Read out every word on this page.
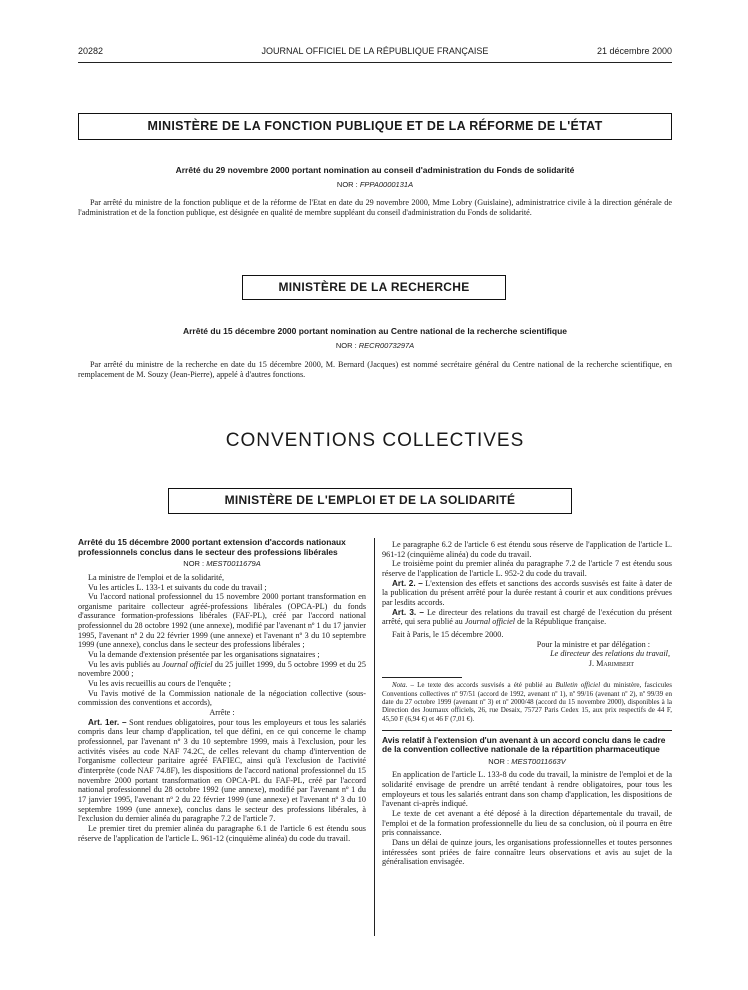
20282	JOURNAL OFFICIEL DE LA RÉPUBLIQUE FRANÇAISE	21 décembre 2000
MINISTÈRE DE LA FONCTION PUBLIQUE ET DE LA RÉFORME DE L'ÉTAT
Arrêté du 29 novembre 2000 portant nomination au conseil d'administration du Fonds de solidarité
NOR : FPPA0000131A

Par arrêté du ministre de la fonction publique et de la réforme de l'Etat en date du 29 novembre 2000, Mme Lobry (Guislaine), administratrice civile à la direction générale de l'administration et de la fonction publique, est désignée en qualité de membre suppléant du conseil d'administration du Fonds de solidarité.

MINISTÈRE DE LA RECHERCHE
Arrêté du 15 décembre 2000 portant nomination au Centre national de la recherche scientifique
NOR : RECR0073297A

Par arrêté du ministre de la recherche en date du 15 décembre 2000, M. Bernard (Jacques) est nommé secrétaire général du Centre national de la recherche scientifique, en remplacement de M. Souzy (Jean-Pierre), appelé à d'autres fonctions.

CONVENTIONS COLLECTIVES
MINISTÈRE DE L'EMPLOI ET DE LA SOLIDARITÉ

Arrêté du 15 décembre 2000 portant extension d'accords nationaux professionnels conclus dans le secteur des professions libérales

NOR : MEST0011679A

La ministre de l'emploi et de la solidarité,

Vu les articles L. 133-1 et suivants du code du travail ;

Vu l'accord national professionnel du 15 novembre 2000 portant transformation en organisme paritaire collecteur agréé-professions libérales (OPCA-PL) du fonds d'assurance formation-professions libérales (FAF-PL), créé par l'accord national professionnel du 28 octobre 1992 (une annexe), modifié par l'avenant nº 1 du 17 janvier 1995, l'avenant nº 2 du 22 février 1999 (une annexe) et l'avenant nº 3 du 10 septembre 1999 (une annexe), conclus dans le secteur des professions libérales ;

Vu la demande d'extension présentée par les organisations signataires ;

Vu les avis publiés au Journal officiel du 25 juillet 1999, du 5 octobre 1999 et du 25 novembre 2000 ;

Vu les avis recueillis au cours de l'enquête ;

Vu l'avis motivé de la Commission nationale de la négociation collective (sous-commission des conventions et accords),

Arrête :

Art. 1er. – Sont rendues obligatoires, pour tous les employeurs et tous les salariés compris dans leur champ d'application, tel que défini, en ce qui concerne le champ professionnel, par l'avenant nº 3 du 10 septembre 1999, mais à l'exclusion, pour les activités visées au code NAF 74.2C, de celles relevant du champ d'intervention de l'organisme collecteur paritaire agréé FAFIEC, ainsi qu'à l'exclusion de l'activité d'interprète (code NAF 74.8F), les dispositions de l'accord national professionnel du 15 novembre 2000 portant transformation en OPCA-PL du FAF-PL, créé par l'accord national professionnel du 28 octobre 1992 (une annexe), modifié par l'avenant nº 1 du 17 janvier 1995, l'avenant nº 2 du 22 février 1999 (une annexe) et l'avenant nº 3 du 10 septembre 1999 (une annexe), conclus dans le secteur des professions libérales, à l'exclusion du dernier alinéa du paragraphe 7.2 de l'article 7.

Le premier tiret du premier alinéa du paragraphe 6.1 de l'article 6 est étendu sous réserve de l'application de l'article L. 961-12 (cinquième alinéa) du code du travail.

Le paragraphe 6.2 de l'article 6 est étendu sous réserve de l'application de l'article L. 961-12 (cinquième alinéa) du code du travail.

Le troisième point du premier alinéa du paragraphe 7.2 de l'article 7 est étendu sous réserve de l'application de l'article L. 952-2 du code du travail.

Art. 2. – L'extension des effets et sanctions des accords susvisés est faite à dater de la publication du présent arrêté pour la durée restant à courir et aux conditions prévues par lesdits accords.

Art. 3. – Le directeur des relations du travail est chargé de l'exécution du présent arrêté, qui sera publié au Journal officiel de la République française.

Fait à Paris, le 15 décembre 2000.

Pour la ministre et par délégation :

Le directeur des relations du travail,

J. Marimbert

Nota. – Le texte des accords susvisés a été publié au Bulletin officiel du ministère, fascicules Conventions collectives nº 97/51 (accord de 1992, avenant nº 1), nº 99/16 (avenant nº 2), nº 99/39 en date du 27 octobre 1999 (avenant nº 3) et nº 2000/48 (accord du 15 novembre 2000), disponibles à la Direction des Journaux officiels, 26, rue Desaix, 75727 Paris Cedex 15, aux prix respectifs de 44 F, 45,50 F (6,94 €) et 46 F (7,01 €).

Avis relatif à l'extension d'un avenant à un accord conclu dans le cadre de la convention collective nationale de la répartition pharmaceutique

NOR : MEST0011663V

En application de l'article L. 133-8 du code du travail, la ministre de l'emploi et de la solidarité envisage de prendre un arrêté tendant à rendre obligatoires, pour tous les employeurs et tous les salariés entrant dans son champ d'application, les dispositions de l'avenant ci-après indiqué.

Le texte de cet avenant a été déposé à la direction départementale du travail, de l'emploi et de la formation professionnelle du lieu de sa conclusion, où il pourra en être pris connaissance.

Dans un délai de quinze jours, les organisations professionnelles et toutes personnes intéressées sont priées de faire connaître leurs observations et avis au sujet de la généralisation envisagée.
